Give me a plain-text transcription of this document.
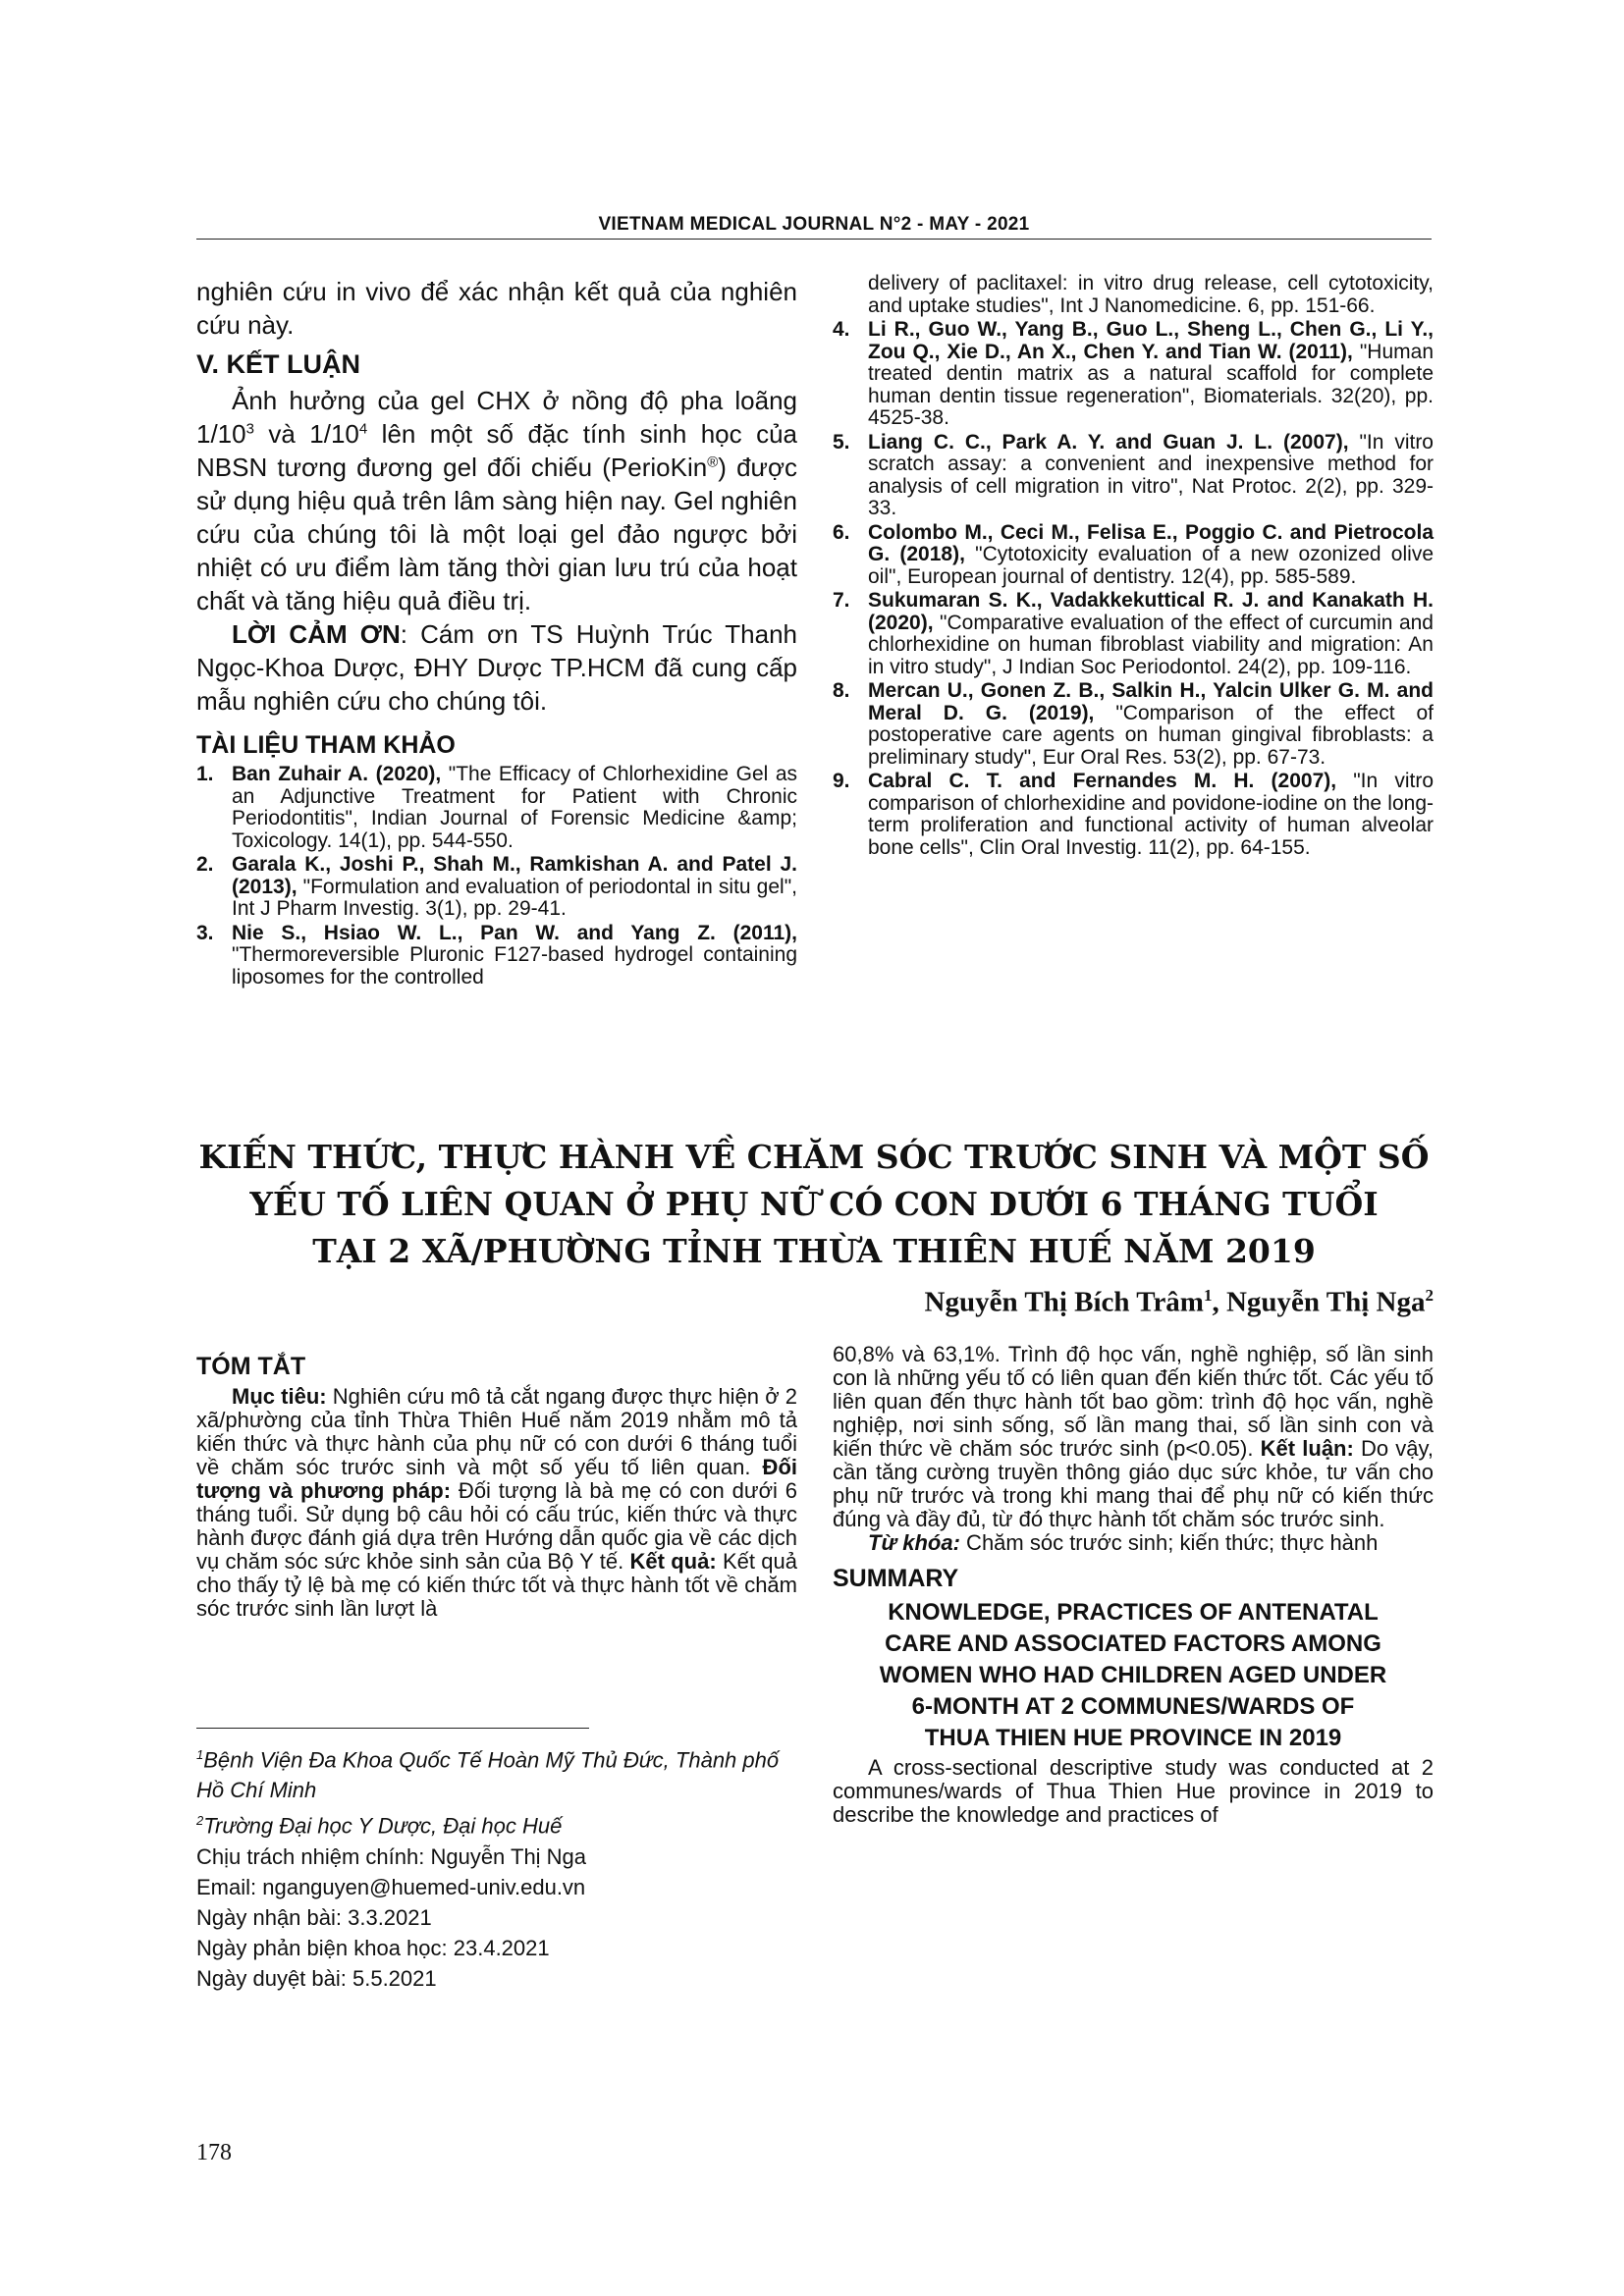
VIETNAM MEDICAL JOURNAL N°2 - MAY - 2021

nghiên cứu in vivo để xác nhận kết quả của nghiên cứu này.

V. KẾT LUẬN

Ảnh hưởng của gel CHX ở nồng độ pha loãng $1/10^3$ và $1/10^4$ lên một số đặc tính sinh học của NBSN tương đương gel đối chiếu (PerioKin®) được sử dụng hiệu quả trên lâm sàng hiện nay. Gel nghiên cứu của chúng tôi là một loại gel đảo ngược bởi nhiệt có ưu điểm làm tăng thời gian lưu trú của hoạt chất và tăng hiệu quả điều trị.

LỜI CẢM ƠN: Cám ơn TS Huỳnh Trúc Thanh Ngọc-Khoa Dược, ĐHY Dược TP.HCM đã cung cấp mẫu nghiên cứu cho chúng tôi.

TÀI LIỆU THAM KHẢO
1. Ban Zuhair A. (2020), "The Efficacy of Chlorhexidine Gel as an Adjunctive Treatment for Patient with Chronic Periodontitis", Indian Journal of Forensic Medicine &amp; Toxicology. 14(1), pp. 544-550.
2. Garala K., Joshi P., Shah M., Ramkishan A. and Patel J. (2013), "Formulation and evaluation of periodontal in situ gel", Int J Pharm Investig. 3(1), pp. 29-41.
3. Nie S., Hsiao W. L., Pan W. and Yang Z. (2011), "Thermoreversible Pluronic F127-based hydrogel containing liposomes for the controlled
delivery of paclitaxel: in vitro drug release, cell cytotoxicity, and uptake studies", Int J Nanomedicine. 6, pp. 151-66.
4. Li R., Guo W., Yang B., Guo L., Sheng L., Chen G., Li Y., Zou Q., Xie D., An X., Chen Y. and Tian W. (2011), "Human treated dentin matrix as a natural scaffold for complete human dentin tissue regeneration", Biomaterials. 32(20), pp. 4525-38.
5. Liang C. C., Park A. Y. and Guan J. L. (2007), "In vitro scratch assay: a convenient and inexpensive method for analysis of cell migration in vitro", Nat Protoc. 2(2), pp. 329-33.
6. Colombo M., Ceci M., Felisa E., Poggio C. and Pietrocola G. (2018), "Cytotoxicity evaluation of a new ozonized olive oil", European journal of dentistry. 12(4), pp. 585-589.
7. Sukumaran S. K., Vadakkekuttical R. J. and Kanakath H. (2020), "Comparative evaluation of the effect of curcumin and chlorhexidine on human fibroblast viability and migration: An in vitro study", J Indian Soc Periodontol. 24(2), pp. 109-116.
8. Mercan U., Gonen Z. B., Salkin H., Yalcin Ulker G. M. and Meral D. G. (2019), "Comparison of the effect of postoperative care agents on human gingival fibroblasts: a preliminary study", Eur Oral Res. 53(2), pp. 67-73.
9. Cabral C. T. and Fernandes M. H. (2007), "In vitro comparison of chlorhexidine and povidone-iodine on the long-term proliferation and functional activity of human alveolar bone cells", Clin Oral Investig. 11(2), pp. 64-155.
KIẾN THỨC, THỰC HÀNH VỀ CHĂM SÓC TRƯỚC SINH VÀ MỘT SỐ
YẾU TỐ LIÊN QUAN Ở PHỤ NỮ CÓ CON DƯỚI 6 THÁNG TUỔI
TẠI 2 XÃ/PHƯỜNG TỈNH THỪA THIÊN HUẾ NĂM 2019
Nguyễn Thị Bích Trâm$^1$, Nguyễn Thị Nga$^2$
TÓM TẮT

Mục tiêu: Nghiên cứu mô tả cắt ngang được thực hiện ở 2 xã/phường của tỉnh Thừa Thiên Huế năm 2019 nhằm mô tả kiến thức và thực hành của phụ nữ có con dưới 6 tháng tuổi về chăm sóc trước sinh và một số yếu tố liên quan. Đối tượng và phương pháp: Đối tượng là bà mẹ có con dưới 6 tháng tuổi. Sử dụng bộ câu hỏi có cấu trúc, kiến thức và thực hành được đánh giá dựa trên Hướng dẫn quốc gia về các dịch vụ chăm sóc sức khỏe sinh sản của Bộ Y tế. Kết quả: Kết quả cho thấy tỷ lệ bà mẹ có kiến thức tốt và thực hành tốt về chăm sóc trước sinh lần lượt là

$^1$Bệnh Viện Đa Khoa Quốc Tế Hoàn Mỹ Thủ Đức, Thành phố Hồ Chí Minh
$^2$Trường Đại học Y Dược, Đại học Huế
Chịu trách nhiệm chính: Nguyễn Thị Nga
Email: nganguyen@huemed-univ.edu.vn
Ngày nhận bài: 3.3.2021
Ngày phản biện khoa học: 23.4.2021
Ngày duyệt bài: 5.5.2021

60,8% và 63,1%. Trình độ học vấn, nghề nghiệp, số lần sinh con là những yếu tố có liên quan đến kiến thức tốt. Các yếu tố liên quan đến thực hành tốt bao gồm: trình độ học vấn, nghề nghiệp, nơi sinh sống, số lần mang thai, số lần sinh con và kiến thức về chăm sóc trước sinh (p<0.05). Kết luận: Do vậy, cần tăng cường truyền thông giáo dục sức khỏe, tư vấn cho phụ nữ trước và trong khi mang thai để phụ nữ có kiến thức đúng và đầy đủ, từ đó thực hành tốt chăm sóc trước sinh.

Từ khóa: Chăm sóc trước sinh; kiến thức; thực hành

SUMMARY
KNOWLEDGE, PRACTICES OF ANTENATAL
CARE AND ASSOCIATED FACTORS AMONG
WOMEN WHO HAD CHILDREN AGED UNDER
6-MONTH AT 2 COMMUNES/WARDS OF
THUA THIEN HUE PROVINCE IN 2019

A cross-sectional descriptive study was conducted at 2 communes/wards of Thua Thien Hue province in 2019 to describe the knowledge and practices of

178
